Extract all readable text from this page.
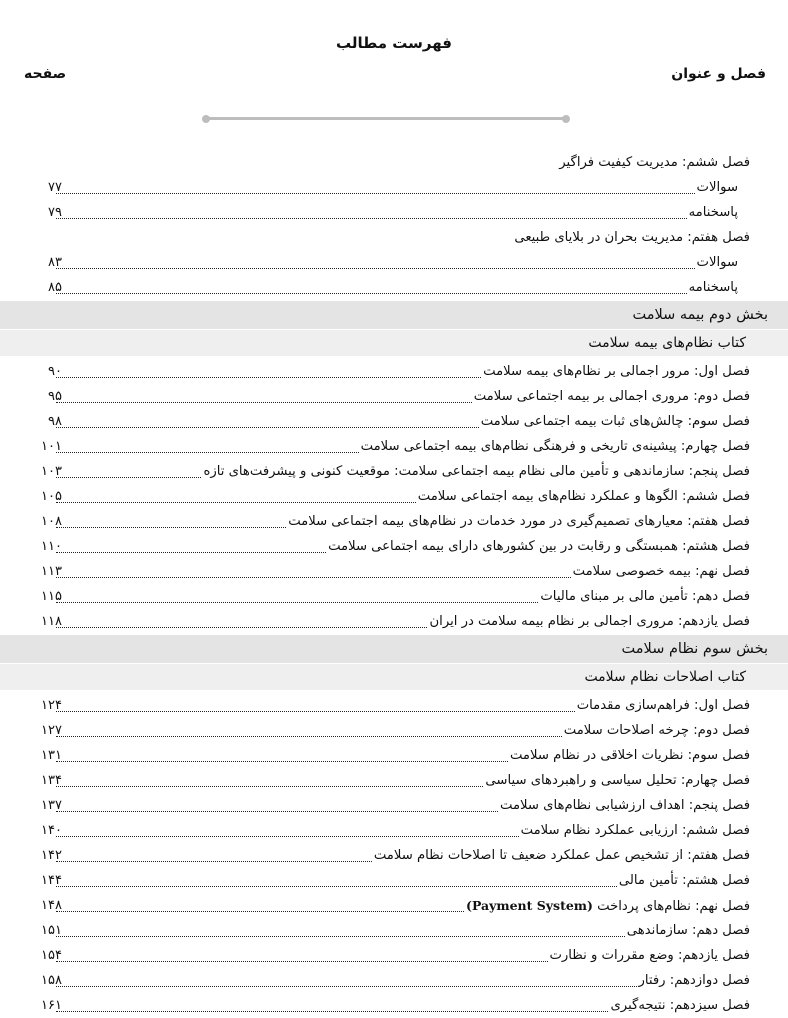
فهرست مطالب
فصل و عنوان
صفحه
فصل ششم: مدیریت کیفیت فراگیر
سوالات
۷۷
پاسخنامه
۷۹
فصل هفتم: مدیریت بحران در بلایای طبیعی
سوالات
۸۳
پاسخنامه
۸۵
بخش دوم بیمه سلامت
کتاب نظام‌های بیمه سلامت
فصل اول: مرور اجمالی بر نظام‌های بیمه سلامت
۹۰
فصل دوم: مروری اجمالی بر بیمه اجتماعی سلامت
۹۵
فصل سوم: چالش‌های ثبات بیمه اجتماعی سلامت
۹۸
فصل چهارم: پیشینه‌ی تاریخی و فرهنگی نظام‌های بیمه اجتماعی سلامت
۱۰۱
فصل پنجم: سازماندهی و تأمین مالی نظام بیمه اجتماعی سلامت: موقعیت کنونی و پیشرفت‌های تازه
۱۰۳
فصل ششم: الگوها و عملکرد نظام‌های بیمه اجتماعی سلامت
۱۰۵
فصل هفتم: معیارهای تصمیم‌گیری در مورد خدمات در نظام‌های بیمه اجتماعی سلامت
۱۰۸
فصل هشتم: همبستگی و رقابت در بین کشورهای دارای بیمه اجتماعی سلامت
۱۱۰
فصل نهم: بیمه خصوصی سلامت
۱۱۳
فصل دهم: تأمین مالی بر مبنای مالیات
۱۱۵
فصل یازدهم: مروری اجمالی بر نظام بیمه سلامت در ایران
۱۱۸
بخش سوم نظام سلامت
کتاب اصلاحات نظام سلامت
فصل اول: فراهم‌سازی مقدمات
۱۲۴
فصل دوم: چرخه اصلاحات سلامت
۱۲۷
فصل سوم: نظریات اخلاقی در نظام سلامت
۱۳۱
فصل چهارم: تحلیل سیاسی و راهبردهای سیاسی
۱۳۴
فصل پنجم: اهداف ارزشیابی نظام‌های سلامت
۱۳۷
فصل ششم: ارزیابی عملکرد نظام سلامت
۱۴۰
فصل هفتم: از تشخیص عمل عملکرد ضعیف تا اصلاحات نظام سلامت
۱۴۲
فصل هشتم: تأمین مالی
۱۴۴
فصل نهم: نظام‌های پرداخت (Payment System)
۱۴۸
فصل دهم: سازماندهی
۱۵۱
فصل یازدهم: وضع مقررات و نظارت
۱۵۴
فصل دوازدهم: رفتار
۱۵۸
فصل سیزدهم: نتیجه‌گیری
۱۶۱
